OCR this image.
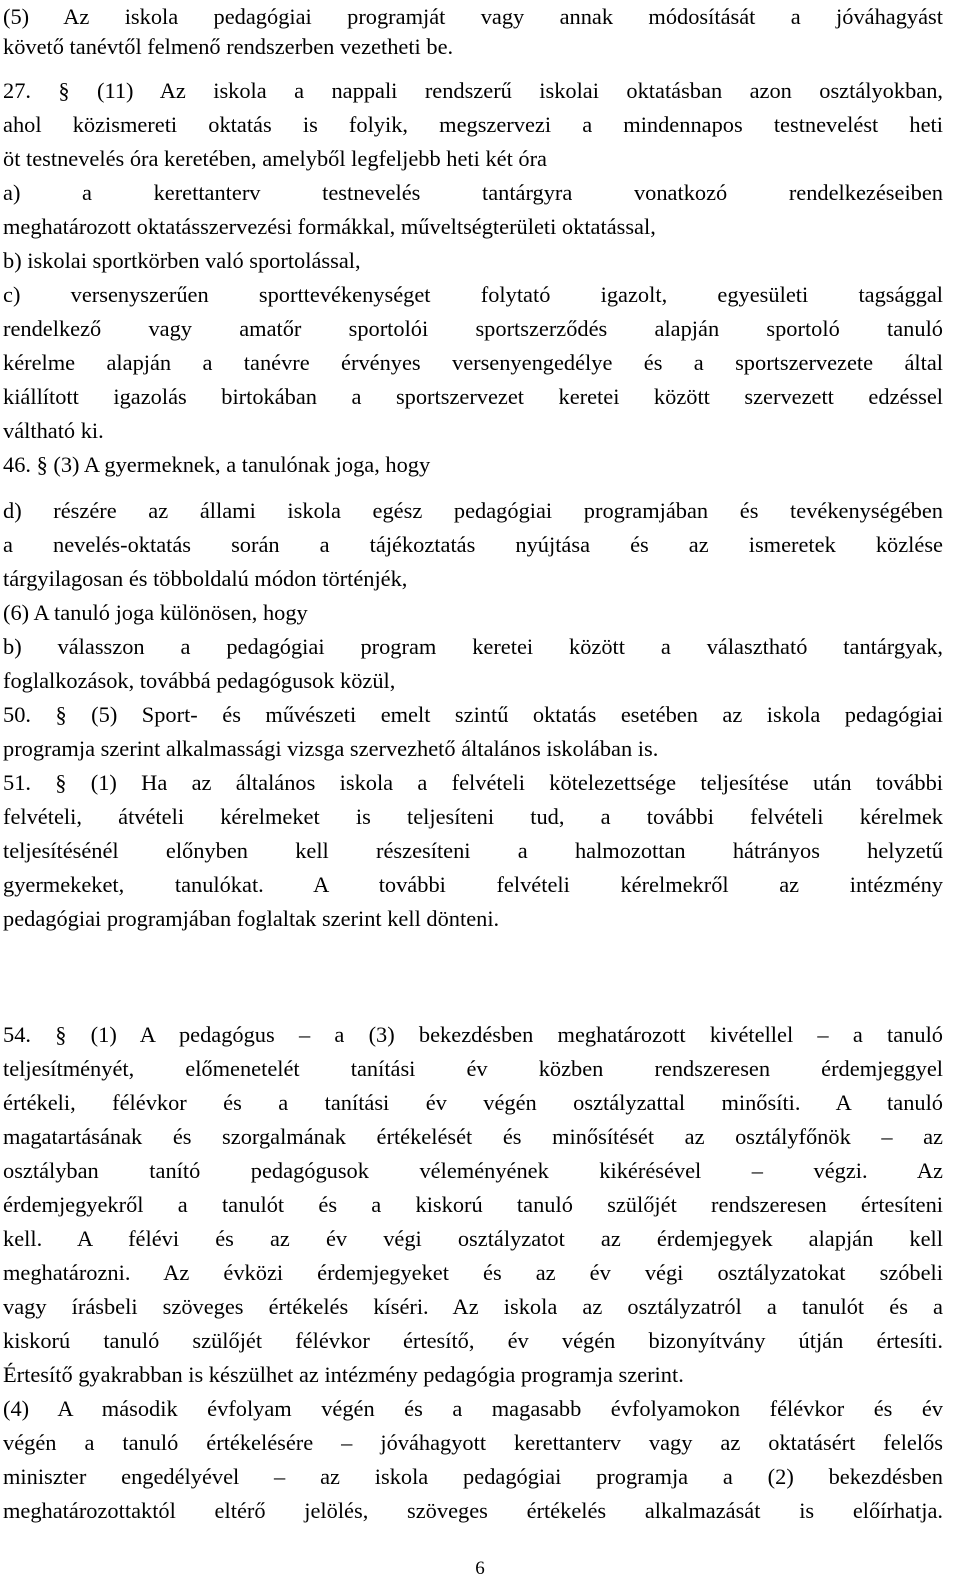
(5) Az iskola pedagógiai programját vagy annak módosítását a jóváhagyást
követő tanévtől felmenő rendszerben vezetheti be.
27. § (11) Az iskola a nappali rendszerű iskolai oktatásban azon osztályokban,
ahol közismereti oktatás is folyik, megszervezi a mindennapos testnevelést heti
öt testnevelés óra keretében, amelyből legfeljebb heti két óra
a) a kerettanterv testnevelés tantárgyra vonatkozó rendelkezéseiben
meghatározott oktatásszervezési formákkal, műveltségterületi oktatással,
b) iskolai sportkörben való sportolással,
c) versenyszerűen sporttevékenységet folytató igazolt, egyesületi tagsággal
rendelkező vagy amatőr sportolói sportszerződés alapján sportoló tanuló
kérelme alapján a tanévre érvényes versenyengedélye és a sportszervezete által
kiállított igazolás birtokában a sportszervezet keretei között szervezett edzéssel
váltható ki.
46. § (3) A gyermeknek, a tanulónak joga, hogy
d) részére az állami iskola egész pedagógiai programjában és tevékenységében
a nevelés-oktatás során a tájékoztatás nyújtása és az ismeretek közlése
tárgyilagosan és többoldalú módon történjék,
(6) A tanuló joga különösen, hogy
b) válasszon a pedagógiai program keretei között a választható tantárgyak,
foglalkozások, továbbá pedagógusok közül,
50. § (5) Sport- és művészeti emelt szintű oktatás esetében az iskola pedagógiai
programja szerint alkalmassági vizsga szervezhető általános iskolában is.
51. § (1) Ha az általános iskola a felvételi kötelezettsége teljesítése után további
felvételi, átvételi kérelmeket is teljesíteni tud, a további felvételi kérelmek
teljesítésénél előnyben kell részesíteni a halmozottan hátrányos helyzetű
gyermekeket, tanulókat. A további felvételi kérelmekről az intézmény
pedagógiai programjában foglaltak szerint kell dönteni.
54. § (1) A pedagógus – a (3) bekezdésben meghatározott kivétellel – a tanuló
teljesítményét, előmenetelét tanítási év közben rendszeresen érdemjeggyel
értékeli, félévkor és a tanítási év végén osztályzattal minősíti. A tanuló
magatartásának és szorgalmának értékelését és minősítését az osztályfőnök – az
osztályban tanító pedagógusok véleményének kikérésével – végzi. Az
érdemjegyekről a tanulót és a kiskorú tanuló szülőjét rendszeresen értesíteni
kell. A félévi és az év végi osztályzatot az érdemjegyek alapján kell
meghatározni. Az évközi érdemjegyeket és az év végi osztályzatokat szóbeli
vagy írásbeli szöveges értékelés kíséri. Az iskola az osztályzatról a tanulót és a
kiskorú tanuló szülőjét félévkor értesítő, év végén bizonyítvány útján értesíti.
Értesítő gyakrabban is készülhet az intézmény pedagógia programja szerint.
(4) A második évfolyam végén és a magasabb évfolyamokon félévkor és év
végén a tanuló értékelésére – jóváhagyott kerettanterv vagy az oktatásért felelős
miniszter engedélyével – az iskola pedagógiai programja a (2) bekezdésben
meghatározottaktól eltérő jelölés, szöveges értékelés alkalmazását is előírhatja.
6
